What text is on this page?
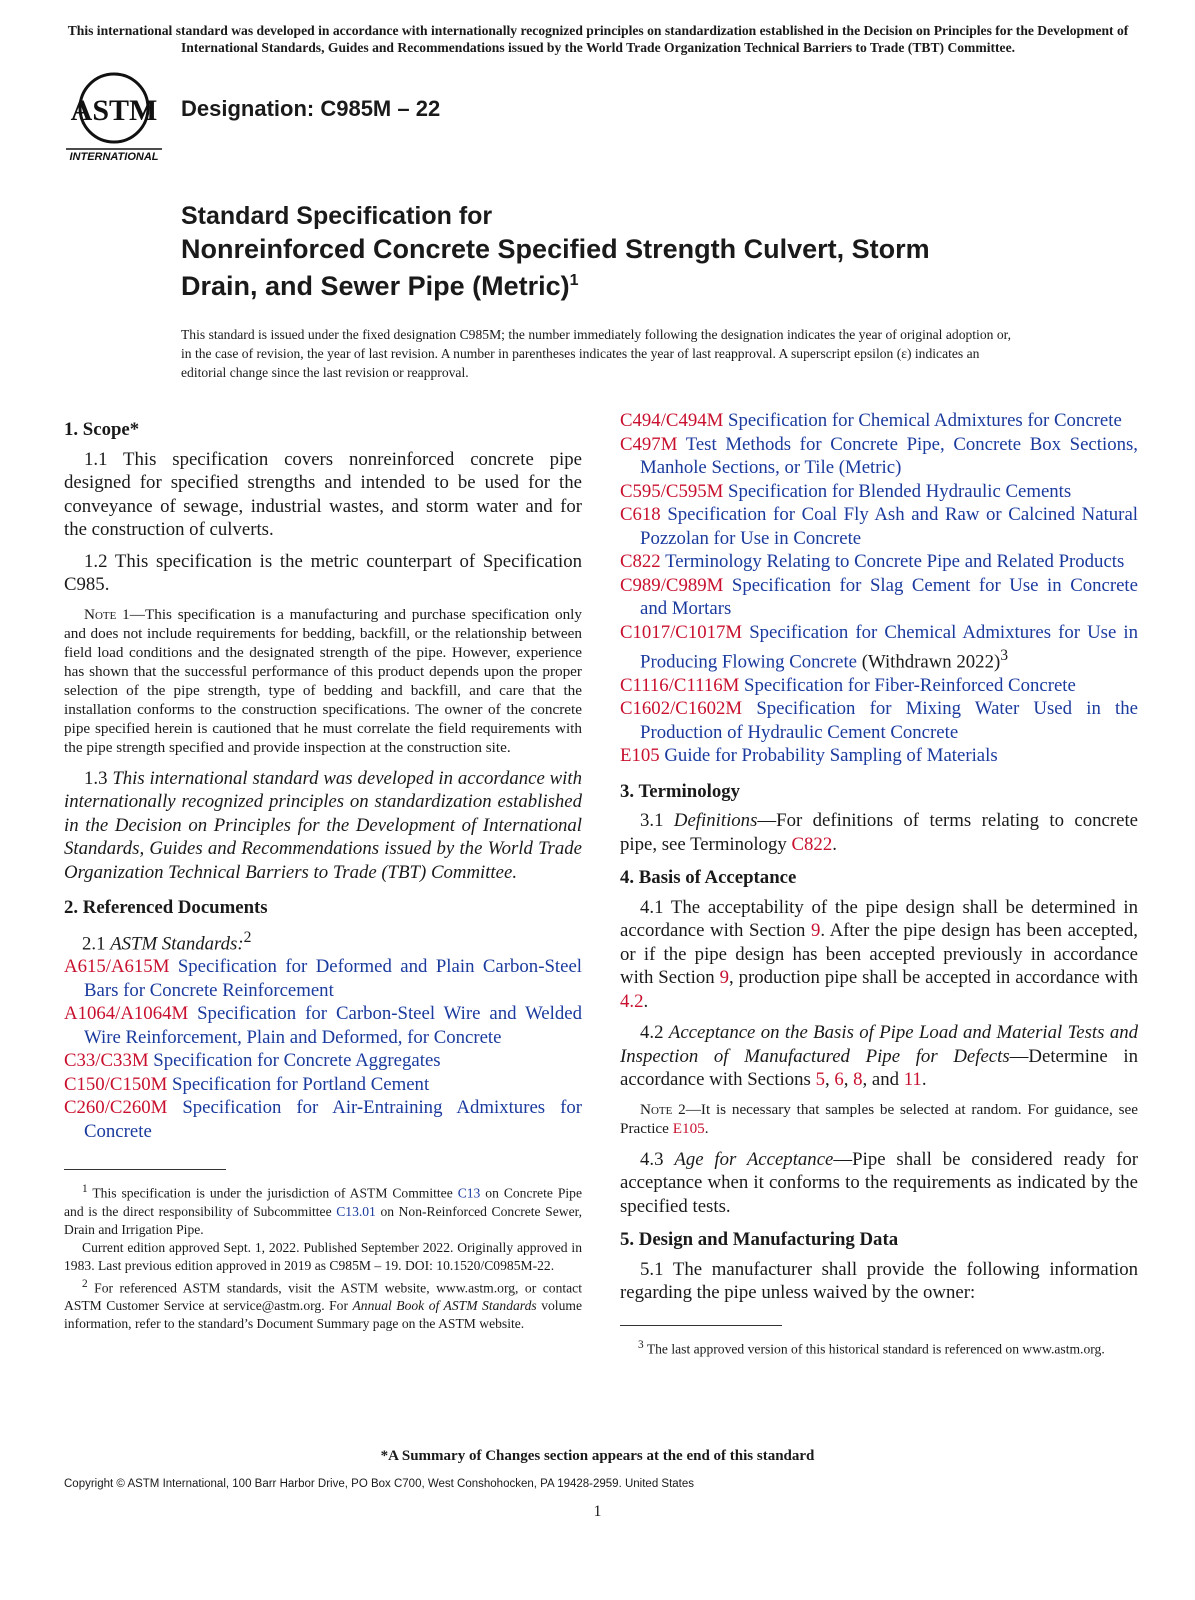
This international standard was developed in accordance with internationally recognized principles on standardization established in the Decision on Principles for the Development of International Standards, Guides and Recommendations issued by the World Trade Organization Technical Barriers to Trade (TBT) Committee.
ASTM
INTERNATIONAL
Designation: C985M – 22
Standard Specification for
Nonreinforced Concrete Specified Strength Culvert, Storm
Drain, and Sewer Pipe (Metric)$^1$
This standard is issued under the fixed designation C985M; the number immediately following the designation indicates the year of original adoption or, in the case of revision, the year of last revision. A number in parentheses indicates the year of last reapproval. A superscript epsilon (ε) indicates an editorial change since the last revision or reapproval.
1. Scope*

1.1 This specification covers nonreinforced concrete pipe designed for specified strengths and intended to be used for the conveyance of sewage, industrial wastes, and storm water and for the construction of culverts.

1.2 This specification is the metric counterpart of Specification C985.

Note 1—This specification is a manufacturing and purchase specification only and does not include requirements for bedding, backfill, or the relationship between field load conditions and the designated strength of the pipe. However, experience has shown that the successful performance of this product depends upon the proper selection of the pipe strength, type of bedding and backfill, and care that the installation conforms to the construction specifications. The owner of the concrete pipe specified herein is cautioned that he must correlate the field requirements with the pipe strength specified and provide inspection at the construction site.

1.3 This international standard was developed in accordance with internationally recognized principles on standardization established in the Decision on Principles for the Development of International Standards, Guides and Recommendations issued by the World Trade Organization Technical Barriers to Trade (TBT) Committee.

2. Referenced Documents

2.1 ASTM Standards:$^2$

A615/A615M Specification for Deformed and Plain Carbon-Steel Bars for Concrete Reinforcement

A1064/A1064M Specification for Carbon-Steel Wire and Welded Wire Reinforcement, Plain and Deformed, for Concrete

C33/C33M Specification for Concrete Aggregates

C150/C150M Specification for Portland Cement

C260/C260M Specification for Air-Entraining Admixtures for Concrete

$^1$ This specification is under the jurisdiction of ASTM Committee C13 on Concrete Pipe and is the direct responsibility of Subcommittee C13.01 on Non-Reinforced Concrete Sewer, Drain and Irrigation Pipe.

Current edition approved Sept. 1, 2022. Published September 2022. Originally approved in 1983. Last previous edition approved in 2019 as C985M – 19. DOI: 10.1520/C0985M-22.

$^2$ For referenced ASTM standards, visit the ASTM website, www.astm.org, or contact ASTM Customer Service at service@astm.org. For Annual Book of ASTM Standards volume information, refer to the standard’s Document Summary page on the ASTM website.

C494/C494M Specification for Chemical Admixtures for Concrete

C497M Test Methods for Concrete Pipe, Concrete Box Sections, Manhole Sections, or Tile (Metric)

C595/C595M Specification for Blended Hydraulic Cements

C618 Specification for Coal Fly Ash and Raw or Calcined Natural Pozzolan for Use in Concrete

C822 Terminology Relating to Concrete Pipe and Related Products

C989/C989M Specification for Slag Cement for Use in Concrete and Mortars

C1017/C1017M Specification for Chemical Admixtures for Use in Producing Flowing Concrete (Withdrawn 2022)$^3$

C1116/C1116M Specification for Fiber-Reinforced Concrete

C1602/C1602M Specification for Mixing Water Used in the Production of Hydraulic Cement Concrete

E105 Guide for Probability Sampling of Materials

3. Terminology

3.1 Definitions—For definitions of terms relating to concrete pipe, see Terminology C822.

4. Basis of Acceptance

4.1 The acceptability of the pipe design shall be determined in accordance with Section 9. After the pipe design has been accepted, or if the pipe design has been accepted previously in accordance with Section 9, production pipe shall be accepted in accordance with 4.2.

4.2 Acceptance on the Basis of Pipe Load and Material Tests and Inspection of Manufactured Pipe for Defects—Determine in accordance with Sections 5, 6, 8, and 11.

Note 2—It is necessary that samples be selected at random. For guidance, see Practice E105.

4.3 Age for Acceptance—Pipe shall be considered ready for acceptance when it conforms to the requirements as indicated by the specified tests.

5. Design and Manufacturing Data

5.1 The manufacturer shall provide the following information regarding the pipe unless waived by the owner:

$^3$ The last approved version of this historical standard is referenced on www.astm.org.

*A Summary of Changes section appears at the end of this standard
Copyright © ASTM International, 100 Barr Harbor Drive, PO Box C700, West Conshohocken, PA 19428-2959. United States
1
